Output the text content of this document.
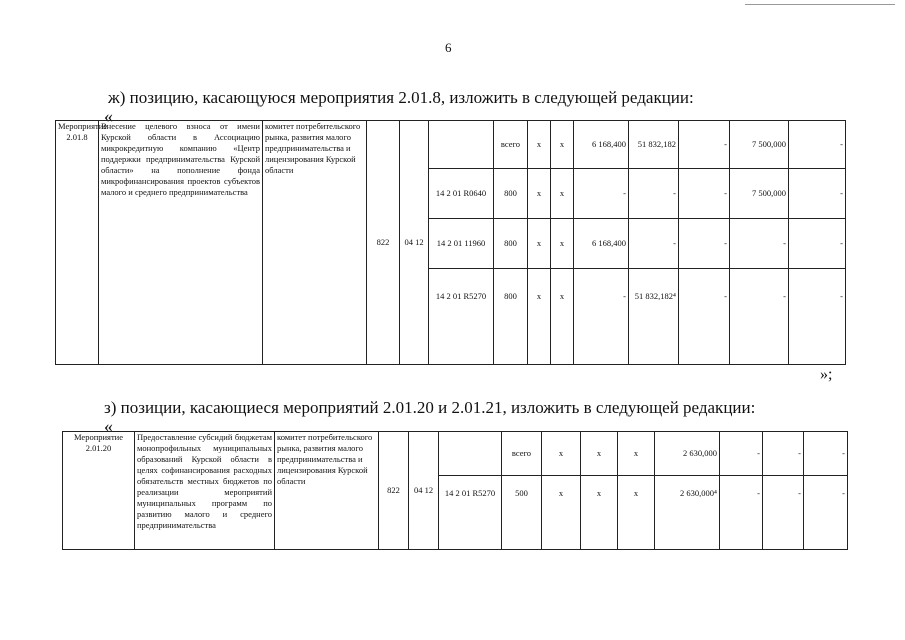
6
ж) позицию, касающуюся мероприятия 2.01.8, изложить в следующей редакции:
«
Мероприятие 2.01.8	Внесение целевого взноса от имени Курской области в Ассоциацию микрокредитную компанию «Центр поддержки предпринимательства Курской области» на пополнение фонда микрофинансирования проектов субъектов малого и среднего предпринимательства	комитет потребительского рынка, развития малого предпринимательства и лицензирования Курской области	822	04 12		всего	x	x	6 168,400	51 832,182	-	7 500,000	-
					14 2 01 R0640	800	x	x	-	-	-	7 500,000	-
					14 2 01 11960	800	x	x	6 168,400	-	-	-	-
					14 2 01 R5270	800	x	x	-	51 832,182⁴	-	-	-
»;
з) позиции, касающиеся мероприятий 2.01.20 и 2.01.21, изложить в следующей редакции:
«
Мероприятие 2.01.20	Предоставление субсидий бюджетам монопрофильных муниципальных образований Курской области в целях софинансирования расходных обязательств местных бюджетов по реализации мероприятий муниципальных программ по развитию малого и среднего предпринимательства	комитет потребительского рынка, развития малого предпринимательства и лицензирования Курской области	822	04 12		всего	x	x	x	2 630,000	-	-	-
					14 2 01 R5270	500	x	x	x	2 630,000⁴	-	-	-
